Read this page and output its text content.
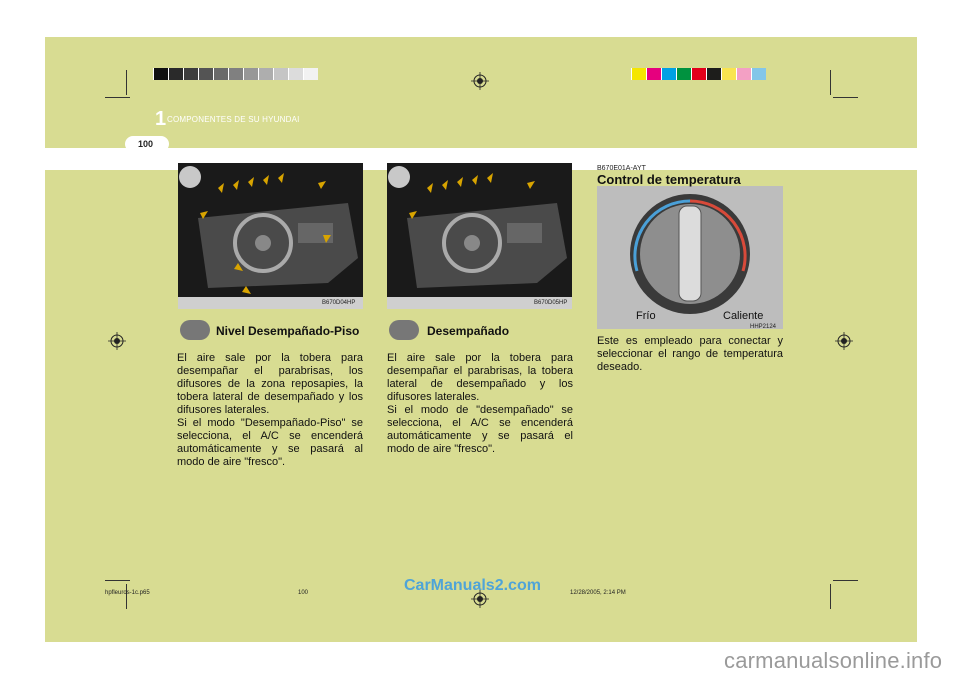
1 COMPONENTES DE SU HYUNDAI
100
B670D04HP	B670D05HP
Frío	Caliente
HHP2124
Nivel Desempañado-Piso
El aire sale por la tobera para desempañar el parabrisas, los difusores de la zona reposapies, la tobera lateral de desempañado y los difusores laterales.
Si el modo "Desempañado-Piso" se selecciona, el A/C se encenderá automáticamente y se pasará al modo de aire "fresco".
Desempañado
El aire sale por la tobera para desempañar el parabrisas, la tobera lateral de desempañado y los difusores laterales.
Si el modo de "desempañado" se selecciona, el A/C se encenderá automáticamente y se pasará el modo de aire "fresco".
B670E01A-AYT
Control de temperatura
Este es empleado para conectar y seleccionar el rango de temperatura deseado.
hpfleuros-1c.p65	100	12/28/2005, 2:14 PM
CarManuals2.com
carmanualsonline.info
